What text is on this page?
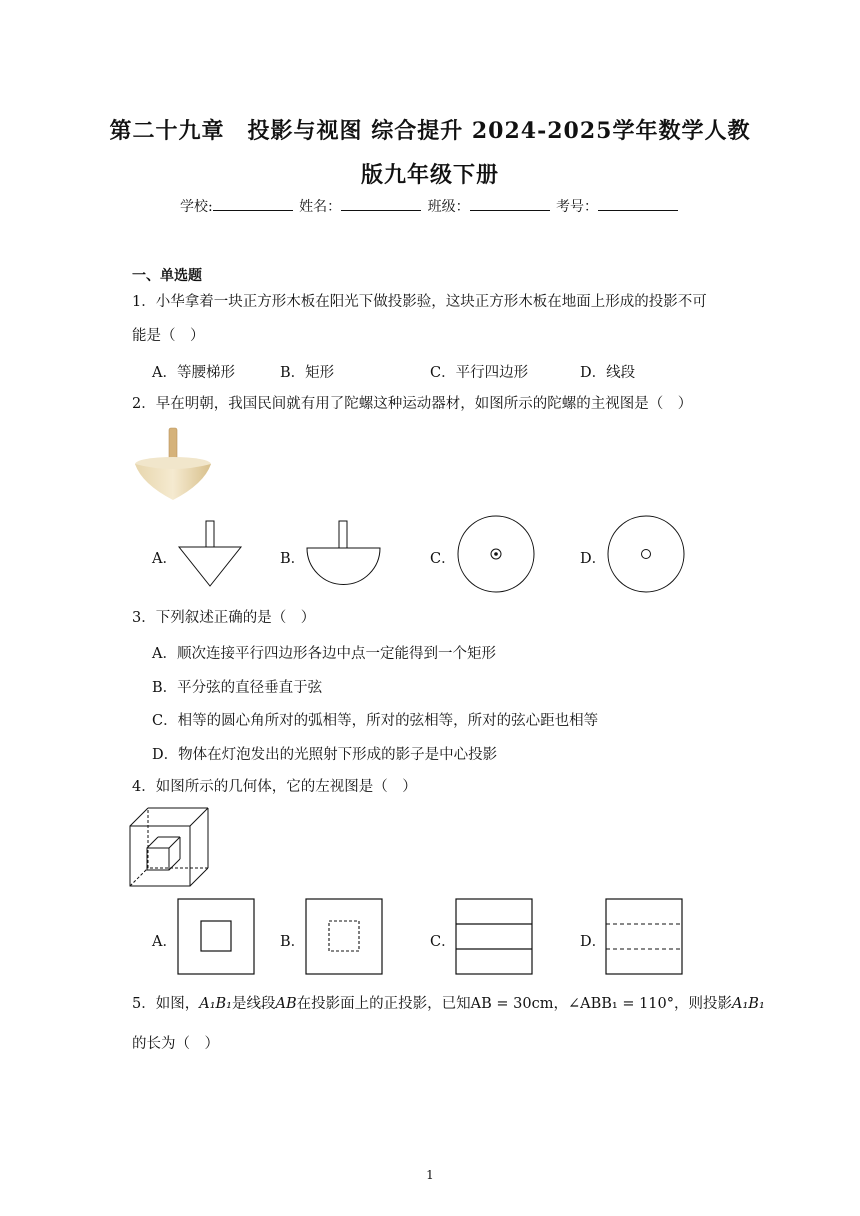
第二十九章　投影与视图 综合提升 2024-2025学年数学人教
版九年级下册
学校:	姓名：	班级：	考号：
一、单选题
1．小华拿着一块正方形木板在阳光下做投影验，这块正方形木板在地面上形成的投影不可
能是（　）
A．等腰梯形	B．矩形	C．平行四边形	D．线段
2．早在明朝，我国民间就有用了陀螺这种运动器材，如图所示的陀螺的主视图是（　）
A．	B．	C．	D．
3．下列叙述正确的是（　）
A．顺次连接平行四边形各边中点一定能得到一个矩形
B．平分弦的直径垂直于弦
C．相等的圆心角所对的弧相等，所对的弦相等，所对的弦心距也相等
D．物体在灯泡发出的光照射下形成的影子是中心投影
4．如图所示的几何体，它的左视图是（　）
A．	B．	C．	D．
5．如图，A₁B₁是线段AB在投影面上的正投影，已知AB = 30cm，∠ABB₁ = 110°，则投影A₁B₁
的长为（　）
1
